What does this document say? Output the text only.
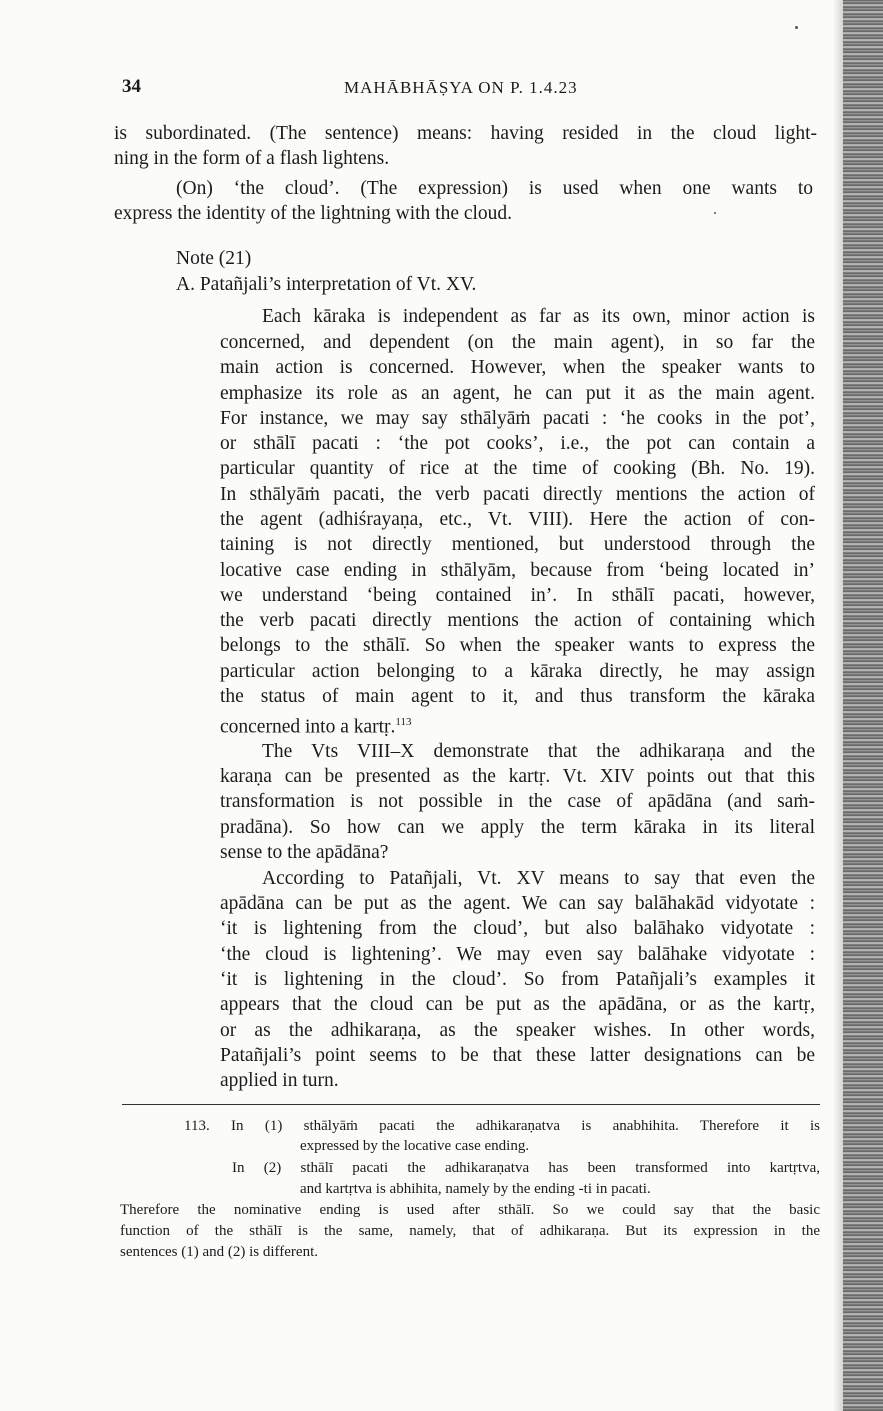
34	MAHĀBHĀṢYA ON P. 1.4.23
is subordinated. (The sentence) means: having resided in the cloud light-
ning in the form of a flash lightens.
(On) ‘the cloud’. (The expression) is used when one wants to
express the identity of the lightning with the cloud.
Note (21)
A. Patañjali’s interpretation of Vt. XV.
Each kāraka is independent as far as its own, minor action is
concerned, and dependent (on the main agent), in so far the
main action is concerned. However, when the speaker wants to
emphasize its role as an agent, he can put it as the main agent.
For instance, we may say sthālyāṁ pacati : ‘he cooks in the pot’,
or sthālī pacati : ‘the pot cooks’, i.e., the pot can contain a
particular quantity of rice at the time of cooking (Bh. No. 19).
In sthālyāṁ pacati, the verb pacati directly mentions the action of
the agent (adhiśrayaṇa, etc., Vt. VIII). Here the action of con-
taining is not directly mentioned, but understood through the
locative case ending in sthālyām, because from ‘being located in’
we understand ‘being contained in’. In sthālī pacati, however,
the verb pacati directly mentions the action of containing which
belongs to the sthālī. So when the speaker wants to express the
particular action belonging to a kāraka directly, he may assign
the status of main agent to it, and thus transform the kāraka
concerned into a kartṛ.$^{113}$
The Vts VIII–X demonstrate that the adhikaraṇa and the
karaṇa can be presented as the kartṛ. Vt. XIV points out that this
transformation is not possible in the case of apādāna (and saṁ-
pradāna). So how can we apply the term kāraka in its literal
sense to the apādāna?
According to Patañjali, Vt. XV means to say that even the
apādāna can be put as the agent. We can say balāhakād vidyotate :
‘it is lightening from the cloud’, but also balāhako vidyotate :
‘the cloud is lightening’. We may even say balāhake vidyotate :
‘it is lightening in the cloud’. So from Patañjali’s examples it
appears that the cloud can be put as the apādāna, or as the kartṛ,
or as the adhikaraṇa, as the speaker wishes. In other words,
Patañjali’s point seems to be that these latter designations can be
applied in turn.
113. In (1) sthālyāṁ pacati the adhikaraṇatva is anabhihita. Therefore it is
expressed by the locative case ending.
In (2) sthālī pacati the adhikaraṇatva has been transformed into kartṛtva,
and kartṛtva is abhihita, namely by the ending -ti in pacati.
Therefore the nominative ending is used after sthālī. So we could say that the basic
function of the sthālī is the same, namely, that of adhikaraṇa. But its expression in the
sentences (1) and (2) is different.
